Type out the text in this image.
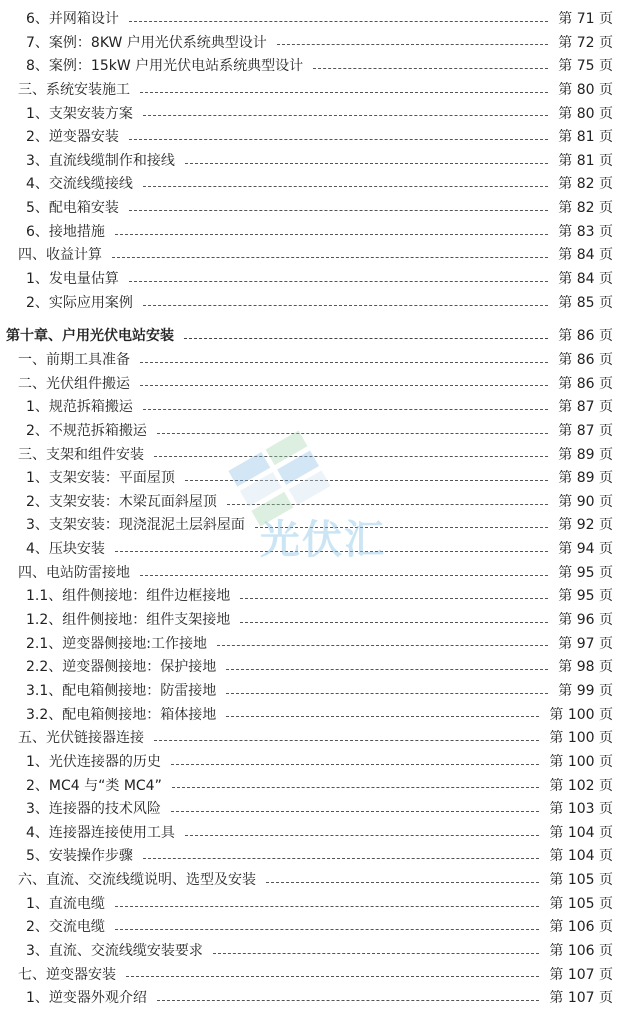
6、并网箱设计	第 71 页
7、案例：8KW 户用光伏系统典型设计	第 72 页
8、案例：15kW 户用光伏电站系统典型设计	第 75 页
三、系统安装施工	第 80 页
1、支架安装方案	第 80 页
2、逆变器安装	第 81 页
3、直流线缆制作和接线	第 81 页
4、交流线缆接线	第 82 页
5、配电箱安装	第 82 页
6、接地措施	第 83 页
四、收益计算	第 84 页
1、发电量估算	第 84 页
2、实际应用案例	第 85 页
第十章、户用光伏电站安装	第 86 页
一、前期工具准备	第 86 页
二、光伏组件搬运	第 86 页
1、规范拆箱搬运	第 87 页
2、不规范拆箱搬运	第 87 页
三、支架和组件安装	第 89 页
1、支架安装：平面屋顶	第 89 页
2、支架安装：木梁瓦面斜屋顶	第 90 页
3、支架安装：现浇混泥土层斜屋面	第 92 页
4、压块安装	第 94 页
四、电站防雷接地	第 95 页
1.1、组件侧接地：组件边框接地	第 95 页
1.2、组件侧接地：组件支架接地	第 96 页
2.1、逆变器侧接地:工作接地	第 97 页
2.2、逆变器侧接地：保护接地	第 98 页
3.1、配电箱侧接地：防雷接地	第 99 页
3.2、配电箱侧接地：箱体接地	第 100 页
五、光伏链接器连接	第 100 页
1、光伏连接器的历史	第 100 页
2、MC4 与“类 MC4”	第 102 页
3、连接器的技术风险	第 103 页
4、连接器连接使用工具	第 104 页
5、安装操作步骤	第 104 页
六、直流、交流线缆说明、选型及安装	第 105 页
1、直流电缆	第 105 页
2、交流电缆	第 106 页
3、直流、交流线缆安装要求	第 106 页
七、逆变器安装	第 107 页
1、逆变器外观介绍	第 107 页
光伏汇
